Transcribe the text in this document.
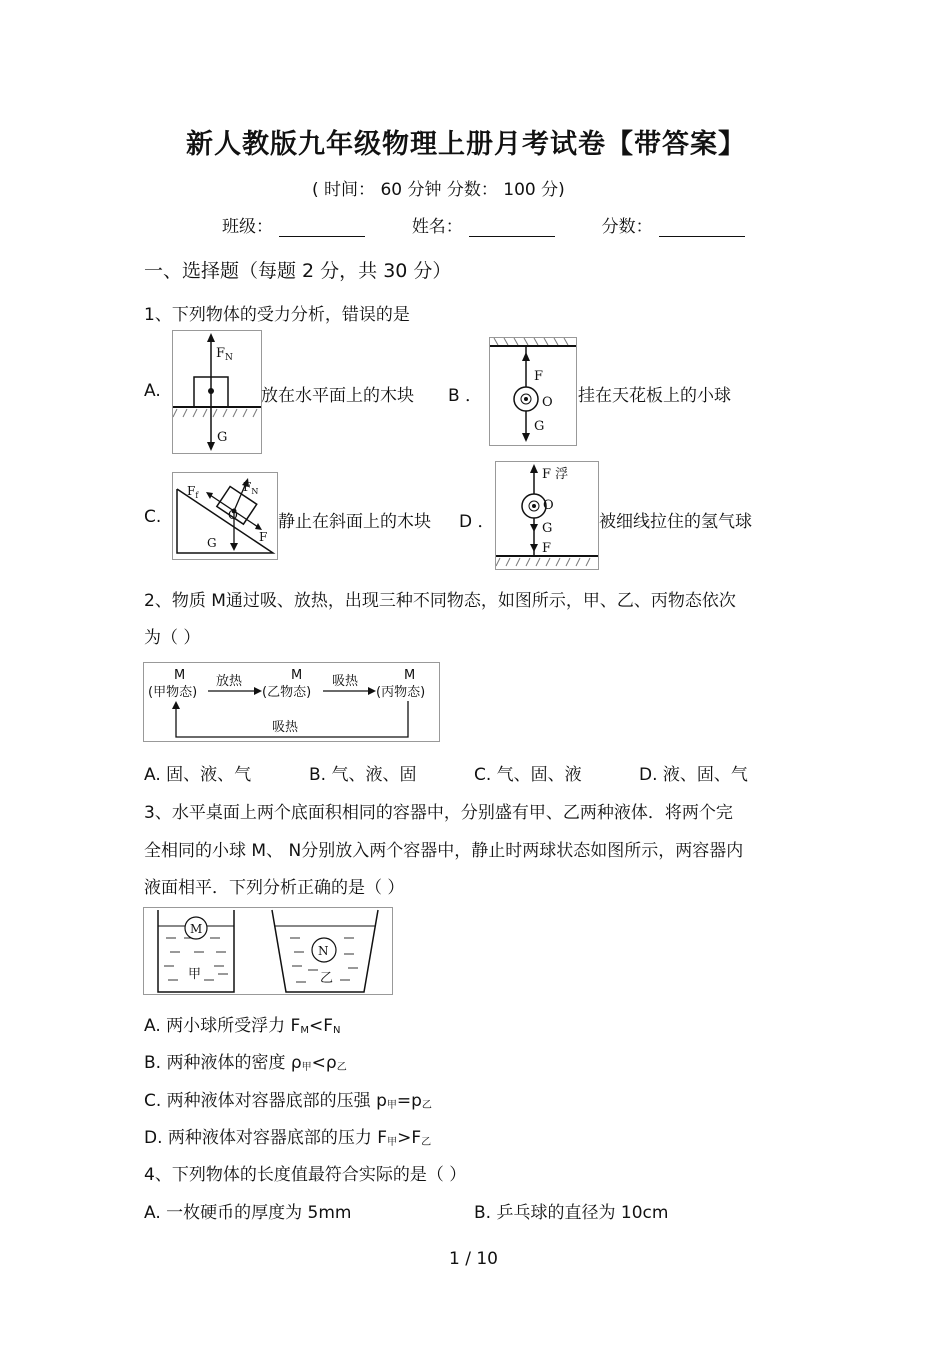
新人教版九年级物理上册月考试卷【带答案】
( 时间： 60 分钟 分数： 100 分)
班级：	姓名：	分数：
一、选择题（每题 2 分，共 30 分）
1、下列物体的受力分析，错误的是
A.
$F_N$
G
放在水平面上的木块 B ．
F
O
G
挂在天花板上的小球
C.
$F_f$
$F_N$
O
G	F
静止在斜面上的木块 D ．
F 浮
O
G
F
被细线拉住的氢气球
2、物质 M通过吸、放热，出现三种不同物态，如图所示，甲、乙、丙物态依次
为（ ）
M
(甲物态)
M
(乙物态)
M
(丙物态)
放热	吸热
吸热
A. 固、液、气	B. 气、液、固	C. 气、固、液	D. 液、固、气
3、水平桌面上两个底面积相同的容器中，分别盛有甲、乙两种液体．将两个完
全相同的小球 M、 N分别放入两个容器中，静止时两球状态如图所示，两容器内
液面相平．下列分析正确的是（ ）
M
甲
N
乙
A. 两小球所受浮力 $F_M<F_N$
B. 两种液体的密度 $\rho_甲<\rho_乙$
C. 两种液体对容器底部的压强 $p_甲=p_乙$
D. 两种液体对容器底部的压力 $F_甲>F_乙$
4、下列物体的长度值最符合实际的是（ ）
A. 一枚硬币的厚度为 5mm	B. 乒乓球的直径为 10cm
1 / 10
